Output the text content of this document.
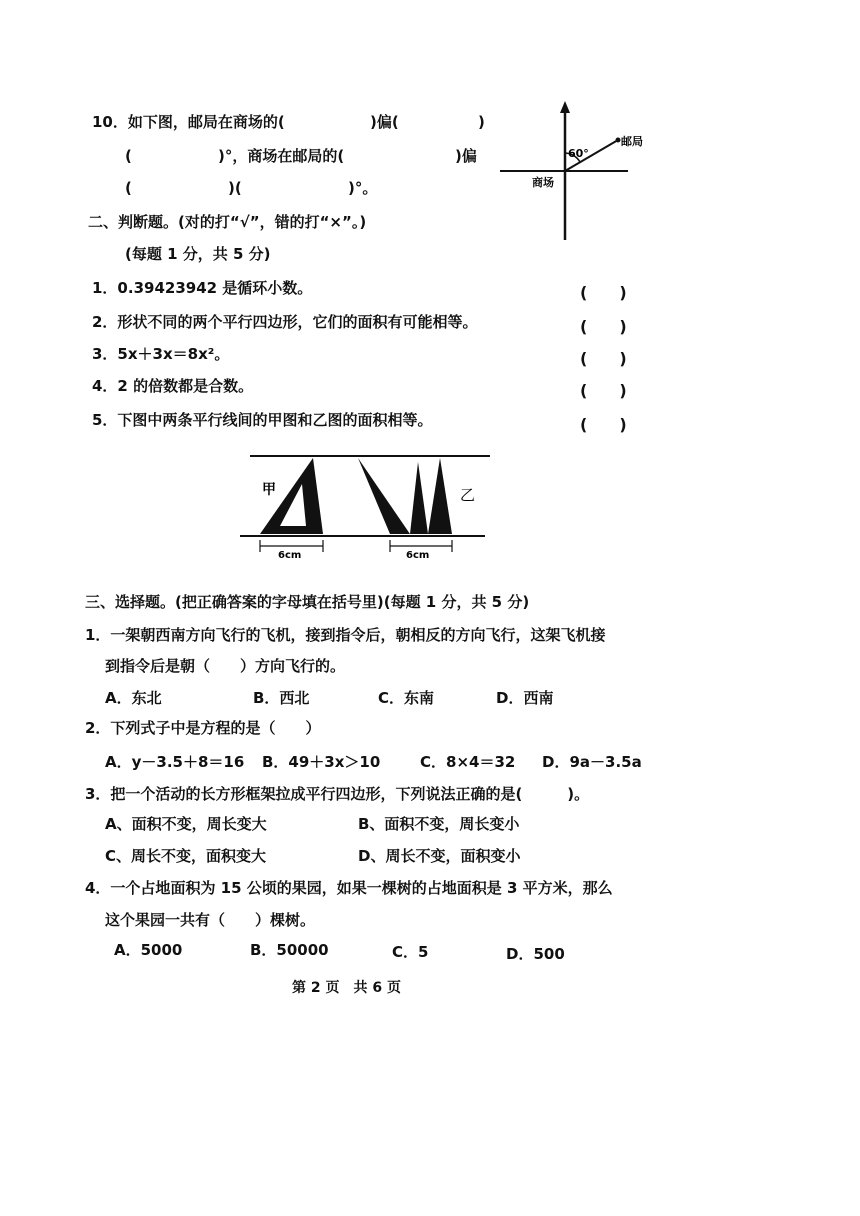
10．如下图，邮局在商场的(	)偏(	)
(	)°，商场在邮局的(	)偏
(	)(	)°。
60°
邮局
商场
二、判断题。(对的打“√”，错的打“×”。)
(每题 1 分，共 5 分)
1．0.39423942 是循环小数。	(　　)
2．形状不同的两个平行四边形，它们的面积有可能相等。	(　　)
3．5x＋3x＝8x²。	(　　)
4．2 的倍数都是合数。	(　　)
5．下图中两条平行线间的甲图和乙图的面积相等。	(　　)
甲	乙
6cm	6cm
三、选择题。(把正确答案的字母填在括号里)(每题 1 分，共 5 分)
1．一架朝西南方向飞行的飞机，接到指令后，朝相反的方向飞行，这架飞机接
到指令后是朝（　　）方向飞行的。
A．东北	B．西北	C．东南	D．西南
2．下列式子中是方程的是（　　）
A．y－3.5＋8＝16 B．49＋3x＞10	C．8×4＝32 D．9a－3.5a
3．把一个活动的长方形框架拉成平行四边形，下列说法正确的是(　　　)。
A、面积不变，周长变大	B、面积不变，周长变小
C、周长不变，面积变大	D、周长不变，面积变小
4．一个占地面积为 15 公顷的果园，如果一棵树的占地面积是 3 平方米，那么
这个果园一共有（　　）棵树。
A．5000	B．50000	C．5	D．500
第 2 页　共 6 页
